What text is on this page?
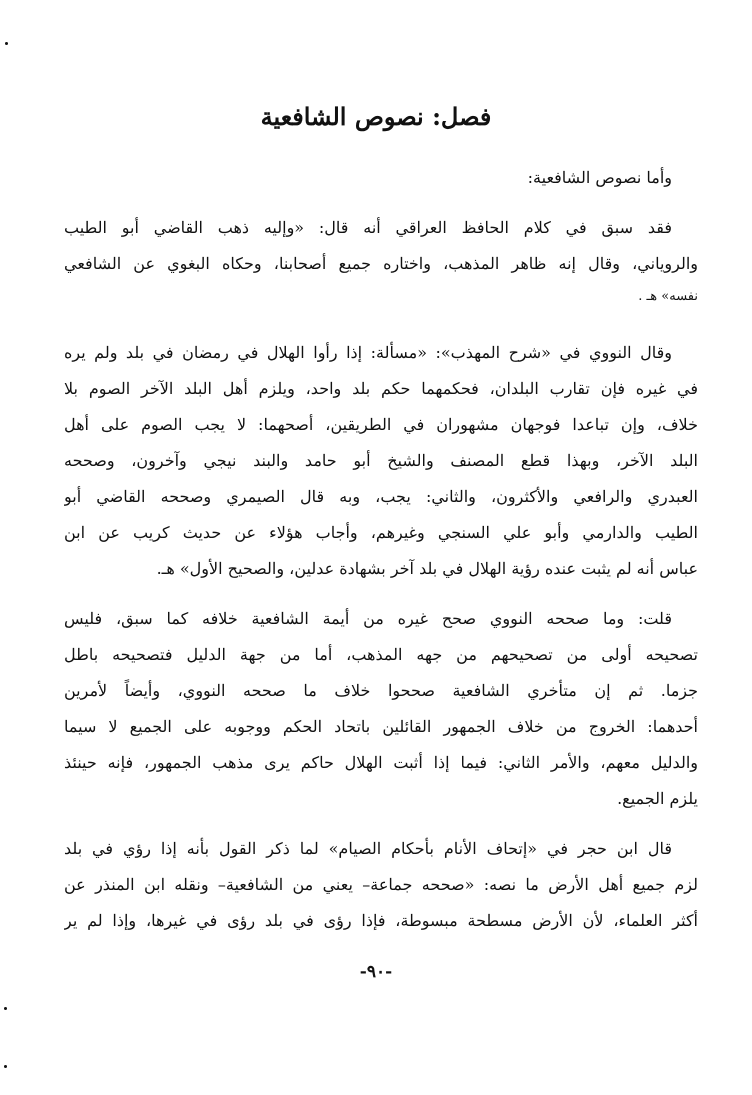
فصل: نصوص الشافعية

وأما نصوص الشافعية:

فقد سبق في كلام الحافظ العراقي أنه قال: «وإليه ذهب القاضي أبو الطيب
والروياني، وقال إنه ظاهر المذهب، واختاره جميع أصحابنا، وحكاه البغوي عن الشافعي
نفسه» هـ .

وقال النووي في «شرح المهذب»: «مسألة: إذا رأوا الهلال في رمضان في بلد ولم يره
في غيره فإن تقارب البلدان، فحكمهما حكم بلد واحد، ويلزم أهل البلد الآخر الصوم بلا
خلاف، وإن تباعدا فوجهان مشهوران في الطريقين، أصحهما: لا يجب الصوم على أهل
البلد الآخر، وبهذا قطع المصنف والشيخ أبو حامد والبند نيجي وآخرون، وصححه
العبدري والرافعي والأكثرون، والثاني: يجب، وبه قال الصيمري وصححه القاضي أبو
الطيب والدارمي وأبو علي السنجي وغيرهم، وأجاب هؤلاء عن حديث كريب عن ابن
عباس أنه لم يثبت عنده رؤية الهلال في بلد آخر بشهادة عدلين، والصحيح الأول» هـ.

قلت: وما صححه النووي صحح غيره من أيمة الشافعية خلافه كما سبق، فليس
تصحيحه أولى من تصحيحهم من جهه المذهب، أما من جهة الدليل فتصحيحه باطل
جزما. ثم إن متأخري الشافعية صححوا خلاف ما صححه النووي، وأيضاً لأمرين
أحدهما: الخروج من خلاف الجمهور القائلين باتحاد الحكم ووجوبه على الجميع لا سيما
والدليل معهم، والأمر الثاني: فيما إذا أثبت الهلال حاكم يرى مذهب الجمهور، فإنه حينئذ
يلزم الجميع.

قال ابن حجر في «إتحاف الأنام بأحكام الصيام» لما ذكر القول بأنه إذا رؤي في بلد
لزم جميع أهل الأرض ما نصه: «صححه جماعة– يعني من الشافعية– ونقله ابن المنذر عن
أكثر العلماء، لأن الأرض مسطحة مبسوطة، فإذا رؤى في بلد رؤى في غيرها، وإذا لم ير

-٩٠-
